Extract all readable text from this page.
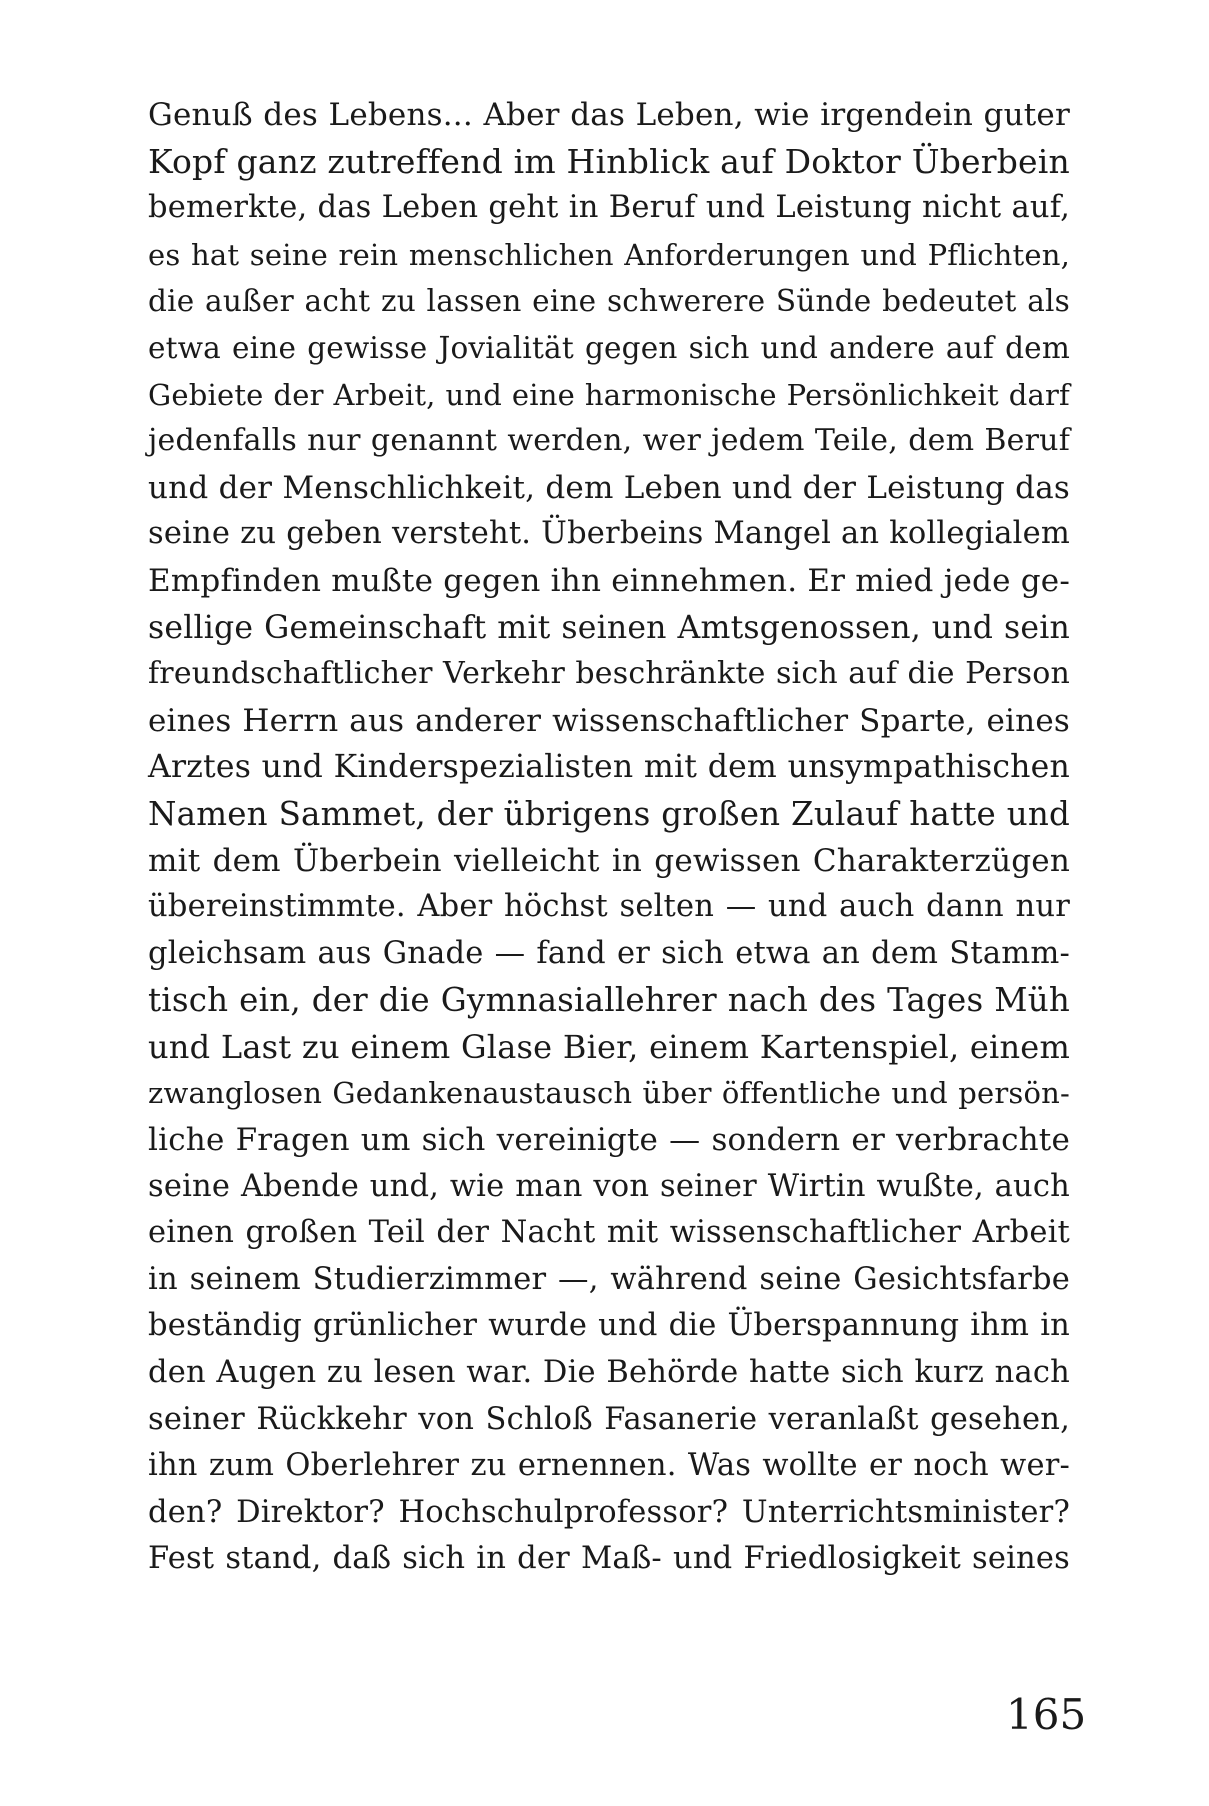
Genuß des Lebens... Aber das Leben, wie irgendein guter
Kopf ganz zutreffend im Hinblick auf Doktor Überbein
bemerkte, das Leben geht in Beruf und Leistung nicht auf,
es hat seine rein menschlichen Anforderungen und Pflichten,
die außer acht zu lassen eine schwerere Sünde bedeutet als
etwa eine gewisse Jovialität gegen sich und andere auf dem
Gebiete der Arbeit, und eine harmonische Persönlichkeit darf
jedenfalls nur genannt werden, wer jedem Teile, dem Beruf
und der Menschlichkeit, dem Leben und der Leistung das
seine zu geben versteht. Überbeins Mangel an kollegialem
Empfinden mußte gegen ihn einnehmen. Er mied jede ge-
sellige Gemeinschaft mit seinen Amtsgenossen, und sein
freundschaftlicher Verkehr beschränkte sich auf die Person
eines Herrn aus anderer wissenschaftlicher Sparte, eines
Arztes und Kinderspezialisten mit dem unsympathischen
Namen Sammet, der übrigens großen Zulauf hatte und
mit dem Überbein vielleicht in gewissen Charakterzügen
übereinstimmte. Aber höchst selten — und auch dann nur
gleichsam aus Gnade — fand er sich etwa an dem Stamm-
tisch ein, der die Gymnasiallehrer nach des Tages Müh
und Last zu einem Glase Bier, einem Kartenspiel, einem
zwanglosen Gedankenaustausch über öffentliche und persön-
liche Fragen um sich vereinigte — sondern er verbrachte
seine Abende und, wie man von seiner Wirtin wußte, auch
einen großen Teil der Nacht mit wissenschaftlicher Arbeit
in seinem Studierzimmer —, während seine Gesichtsfarbe
beständig grünlicher wurde und die Überspannung ihm in
den Augen zu lesen war. Die Behörde hatte sich kurz nach
seiner Rückkehr von Schloß Fasanerie veranlaßt gesehen,
ihn zum Oberlehrer zu ernennen. Was wollte er noch wer-
den? Direktor? Hochschulprofessor? Unterrichtsminister?
Fest stand, daß sich in der Maß- und Friedlosigkeit seines
165
